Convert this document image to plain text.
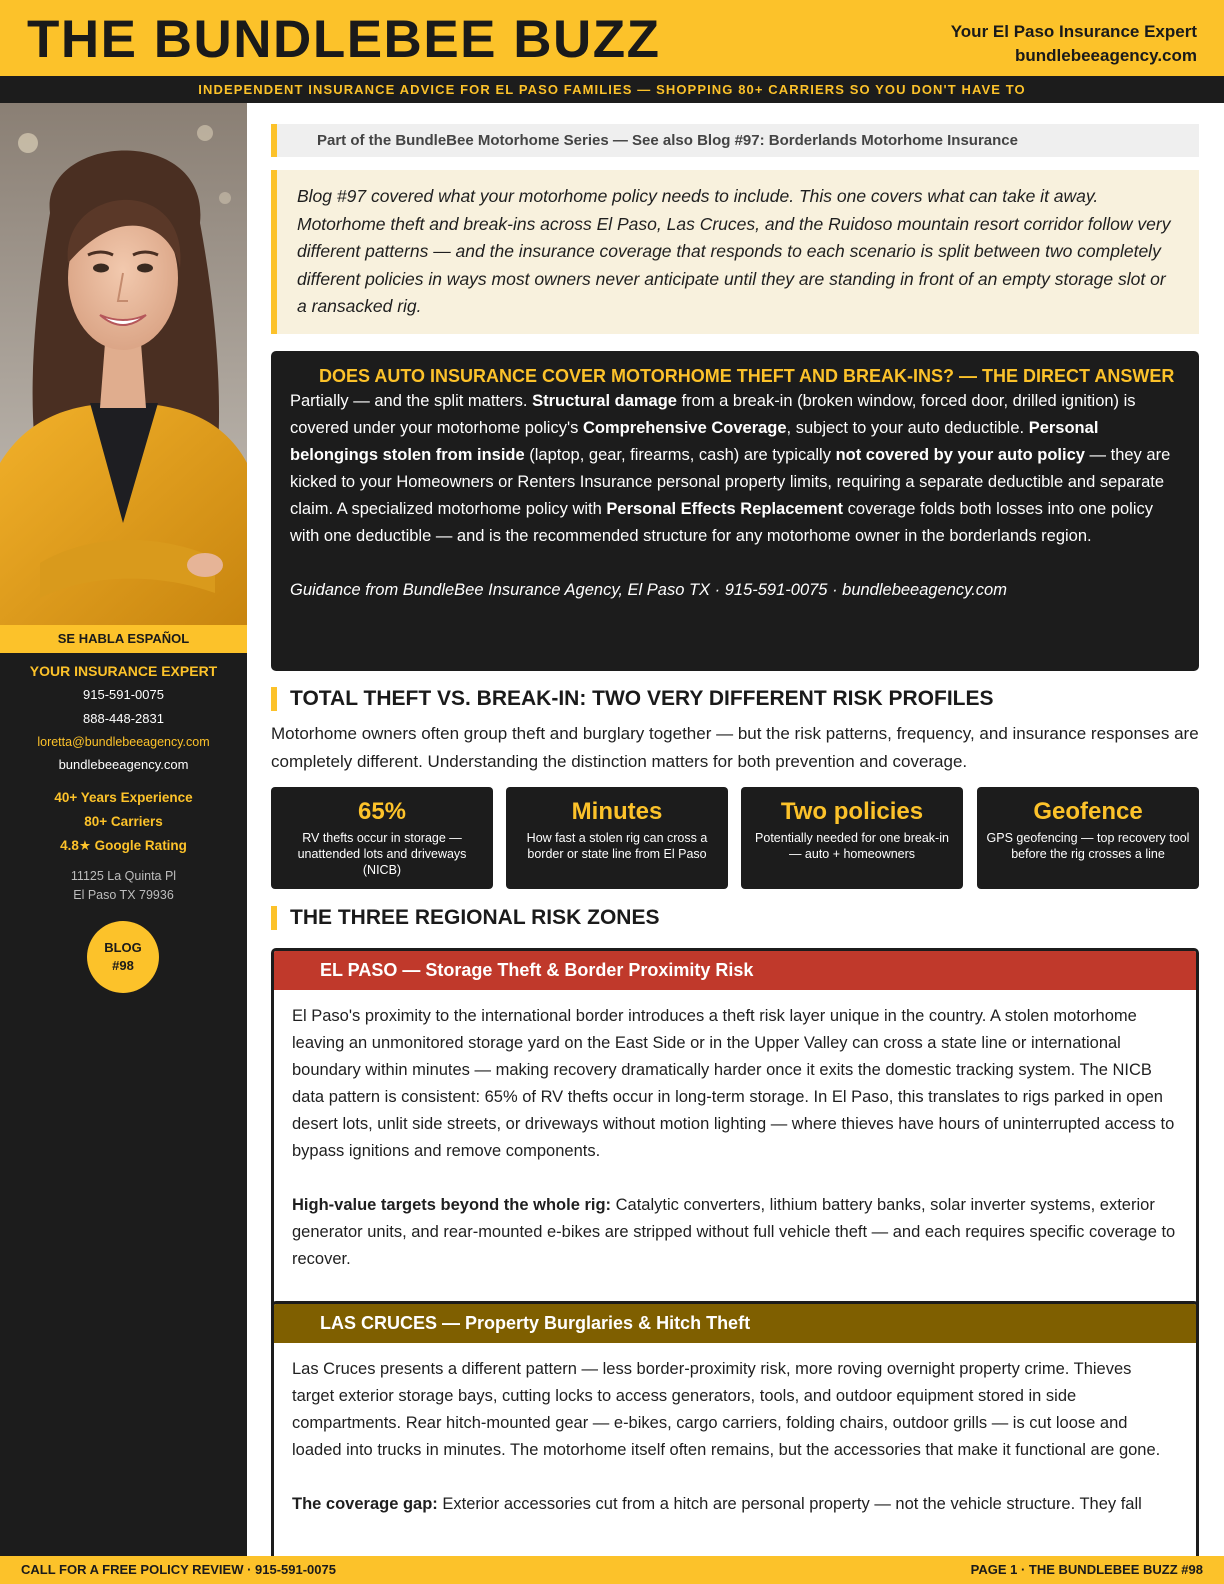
THE BUNDLEBEE BUZZ	Your El Paso Insurance Expert
bundlebeeagency.com
INDEPENDENT INSURANCE ADVICE FOR EL PASO FAMILIES — SHOPPING 80+ CARRIERS SO YOU DON'T HAVE TO
SE HABLA ESPAÑOL
YOUR INSURANCE EXPERT
915-591-0075
888-448-2831
loretta@bundlebeeagency.com
bundlebeeagency.com
40+ Years Experience
80+ Carriers
4.8★ Google Rating
11125 La Quinta Pl
El Paso TX 79936
BLOG
#98
Part of the BundleBee Motorhome Series — See also Blog #97: Borderlands Motorhome Insurance
Blog #97 covered what your motorhome policy needs to include. This one covers what can take it away. Motorhome theft and break-ins across El Paso, Las Cruces, and the Ruidoso mountain resort corridor follow very different patterns — and the insurance coverage that responds to each scenario is split between two completely different policies in ways most owners never anticipate until they are standing in front of an empty storage slot or a ransacked rig.
DOES AUTO INSURANCE COVER MOTORHOME THEFT AND BREAK-INS? — THE DIRECT ANSWER

Partially — and the split matters. Structural damage from a break-in (broken window, forced door, drilled ignition) is covered under your motorhome policy's Comprehensive Coverage, subject to your auto deductible. Personal belongings stolen from inside (laptop, gear, firearms, cash) are typically not covered by your auto policy — they are kicked to your Homeowners or Renters Insurance personal property limits, requiring a separate deductible and separate claim. A specialized motorhome policy with Personal Effects Replacement coverage folds both losses into one policy with one deductible — and is the recommended structure for any motorhome owner in the borderlands region.

Guidance from BundleBee Insurance Agency, El Paso TX · 915-591-0075 · bundlebeeagency.com
TOTAL THEFT VS. BREAK-IN: TWO VERY DIFFERENT RISK PROFILES
Motorhome owners often group theft and burglary together — but the risk patterns, frequency, and insurance responses are completely different. Understanding the distinction matters for both prevention and coverage.
65%
RV thefts occur in storage — unattended lots and driveways (NICB)
Minutes
How fast a stolen rig can cross a border or state line from El Paso
Two policies
Potentially needed for one break-in — auto + homeowners
Geofence
GPS geofencing — top recovery tool before the rig crosses a line
THE THREE REGIONAL RISK ZONES
EL PASO — Storage Theft & Border Proximity Risk

El Paso's proximity to the international border introduces a theft risk layer unique in the country. A stolen motorhome leaving an unmonitored storage yard on the East Side or in the Upper Valley can cross a state line or international boundary within minutes — making recovery dramatically harder once it exits the domestic tracking system. The NICB data pattern is consistent: 65% of RV thefts occur in long-term storage. In El Paso, this translates to rigs parked in open desert lots, unlit side streets, or driveways without motion lighting — where thieves have hours of uninterrupted access to bypass ignitions and remove components.

High-value targets beyond the whole rig: Catalytic converters, lithium battery banks, solar inverter systems, exterior generator units, and rear-mounted e-bikes are stripped without full vehicle theft — and each requires specific coverage to recover.

LAS CRUCES — Property Burglaries & Hitch Theft

Las Cruces presents a different pattern — less border-proximity risk, more roving overnight property crime. Thieves target exterior storage bays, cutting locks to access generators, tools, and outdoor equipment stored in side compartments. Rear hitch-mounted gear — e-bikes, cargo carriers, folding chairs, outdoor grills — is cut loose and loaded into trucks in minutes. The motorhome itself often remains, but the accessories that make it functional are gone.

The coverage gap: Exterior accessories cut from a hitch are personal property — not the vehicle structure. They fall

CALL FOR A FREE POLICY REVIEW · 915-591-0075	PAGE 1 · THE BUNDLEBEE BUZZ #98
